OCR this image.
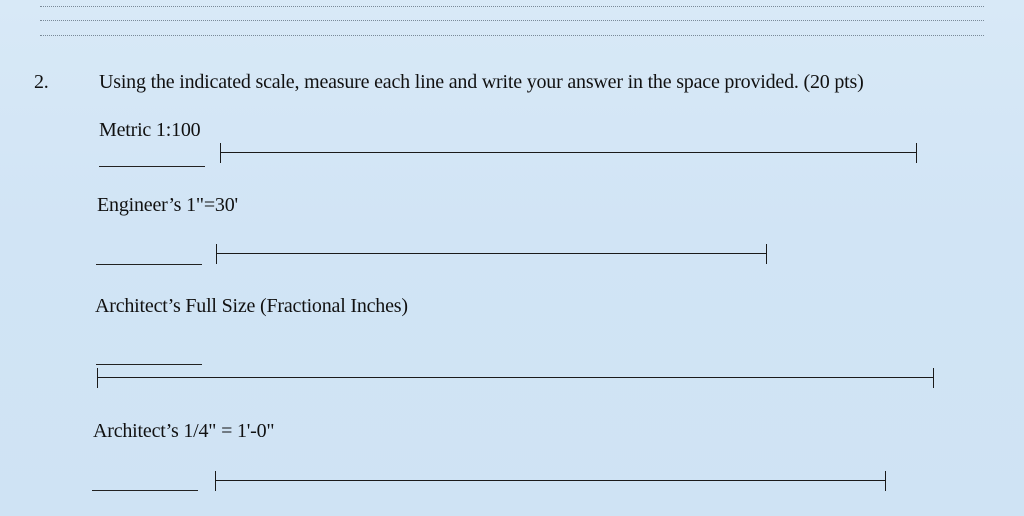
2.	Using the indicated scale, measure each line and write your answer in the space provided. (20 pts)
Metric 1:100
Engineer’s 1"=30'
Architect’s Full Size (Fractional Inches)
Architect’s 1/4" = 1'-0"
